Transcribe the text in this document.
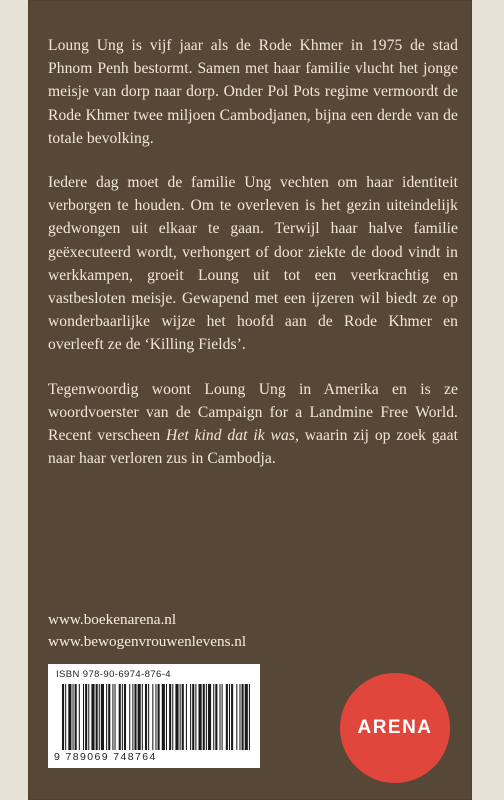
Loung Ung is vijf jaar als de Rode Khmer in 1975 de stad Phnom Penh bestormt. Samen met haar familie vlucht het jonge meisje van dorp naar dorp. Onder Pol Pots regime vermoordt de Rode Khmer twee miljoen Cambodjanen, bijna een derde van de totale bevolking.

Iedere dag moet de familie Ung vechten om haar identiteit verborgen te houden. Om te overleven is het gezin uiteindelijk gedwongen uit elkaar te gaan. Terwijl haar halve familie geëxecuteerd wordt, verhongert of door ziekte de dood vindt in werkkampen, groeit Loung uit tot een veerkrachtig en vastbesloten meisje. Gewapend met een ijzeren wil biedt ze op wonderbaarlijke wijze het hoofd aan de Rode Khmer en overleeft ze de ‘Killing Fields’.

Tegenwoordig woont Loung Ung in Amerika en is ze woordvoerster van de Campaign for a Landmine Free World. Recent verscheen Het kind dat ik was, waarin zij op zoek gaat naar haar verloren zus in Cambodja.

www.boekenarena.nl
www.bewogenvrouwenlevens.nl
ISBN 978-90-6974-876-4
9 789069 748764
ARENA
